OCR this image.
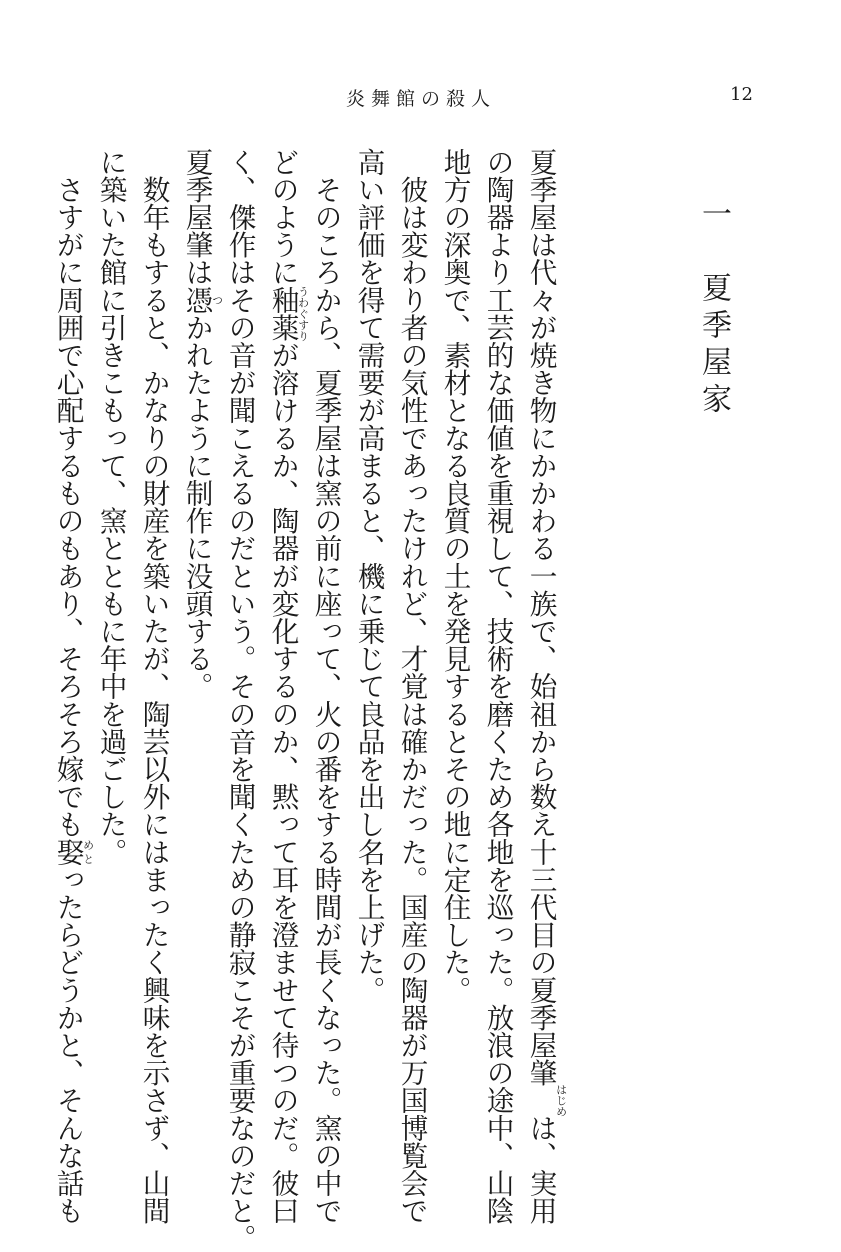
炎舞館の殺人	12
一　夏季屋家
夏季屋は代々が焼き物にかかわる一族で、始祖から数え十三代目の夏季屋肇　はじめは、実用
の陶器より工芸的な価値を重視して、技術を磨くため各地を巡った。放浪の途中、山陰
地方の深奥で、素材となる良質の土を発見するとその地に定住した。
　彼は変わり者の気性であったけれど、才覚は確かだった。国産の陶器が万国博覧会で
高い評価を得て需要が高まると、機に乗じて良品を出し名を上げた。
　そのころから、夏季屋は窯の前に座って、火の番をする時間が長くなった。窯の中で
どのように釉薬うわぐすりが溶けるか、陶器が変化するのか、黙って耳を澄ませて待つのだ。彼曰
く、傑作はその音が聞こえるのだという。その音を聞くための静寂こそが重要なのだと。
夏季屋肇は憑つかれたように制作に没頭する。
　数年もすると、かなりの財産を築いたが、陶芸以外にはまったく興味を示さず、山間
に築いた館に引きこもって、窯とともに年中を過ごした。
　さすがに周囲で心配するものもあり、そろそろ嫁でも娶めとったらどうかと、そんな話も
